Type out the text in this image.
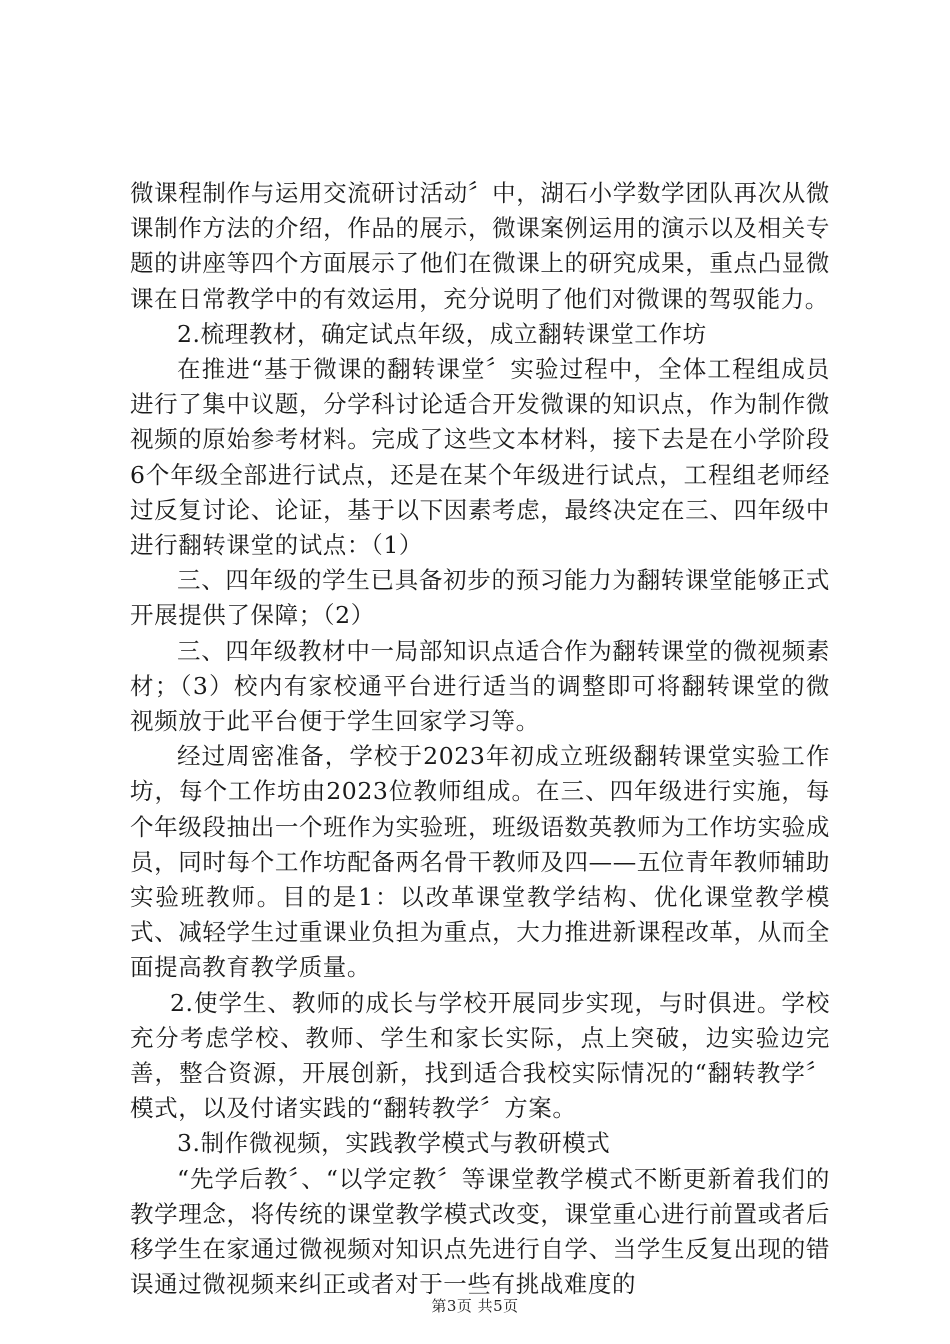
微课程制作与运用交流研讨活动〞中，湖石小学数学团队再次从微课制作方法的介绍，作品的展示，微课案例运用的演示以及相关专题的讲座等四个方面展示了他们在微课上的研究成果，重点凸显微课在日常教学中的有效运用，充分说明了他们对微课的驾驭能力。

2.梳理教材，确定试点年级，成立翻转课堂工作坊

在推进“基于微课的翻转课堂〞实验过程中，全体工程组成员进行了集中议题，分学科讨论适合开发微课的知识点，作为制作微视频的原始参考材料。完成了这些文本材料，接下去是在小学阶段6个年级全部进行试点，还是在某个年级进行试点，工程组老师经过反复讨论、论证，基于以下因素考虑，最终决定在三、四年级中进行翻转课堂的试点：（1）

三、四年级的学生已具备初步的预习能力为翻转课堂能够正式开展提供了保障；（2）

三、四年级教材中一局部知识点适合作为翻转课堂的微视频素材；（3）校内有家校通平台进行适当的调整即可将翻转课堂的微视频放于此平台便于学生回家学习等。

经过周密准备，学校于2023年初成立班级翻转课堂实验工作坊，每个工作坊由2023位教师组成。在三、四年级进行实施，每个年级段抽出一个班作为实验班，班级语数英教师为工作坊实验成员，同时每个工作坊配备两名骨干教师及四——五位青年教师辅助实验班教师。目的是1：以改革课堂教学结构、优化课堂教学模式、减轻学生过重课业负担为重点，大力推进新课程改革，从而全面提高教育教学质量。

2.使学生、教师的成长与学校开展同步实现，与时俱进。学校充分考虑学校、教师、学生和家长实际，点上突破，边实验边完善，整合资源，开展创新，找到适合我校实际情况的“翻转教学〞模式，以及付诸实践的“翻转教学〞方案。

3.制作微视频，实践教学模式与教研模式

“先学后教〞、“以学定教〞等课堂教学模式不断更新着我们的教学理念，将传统的课堂教学模式改变，课堂重心进行前置或者后移学生在家通过微视频对知识点先进行自学、当学生反复出现的错误通过微视频来纠正或者对于一些有挑战难度的

第3页 共5页
